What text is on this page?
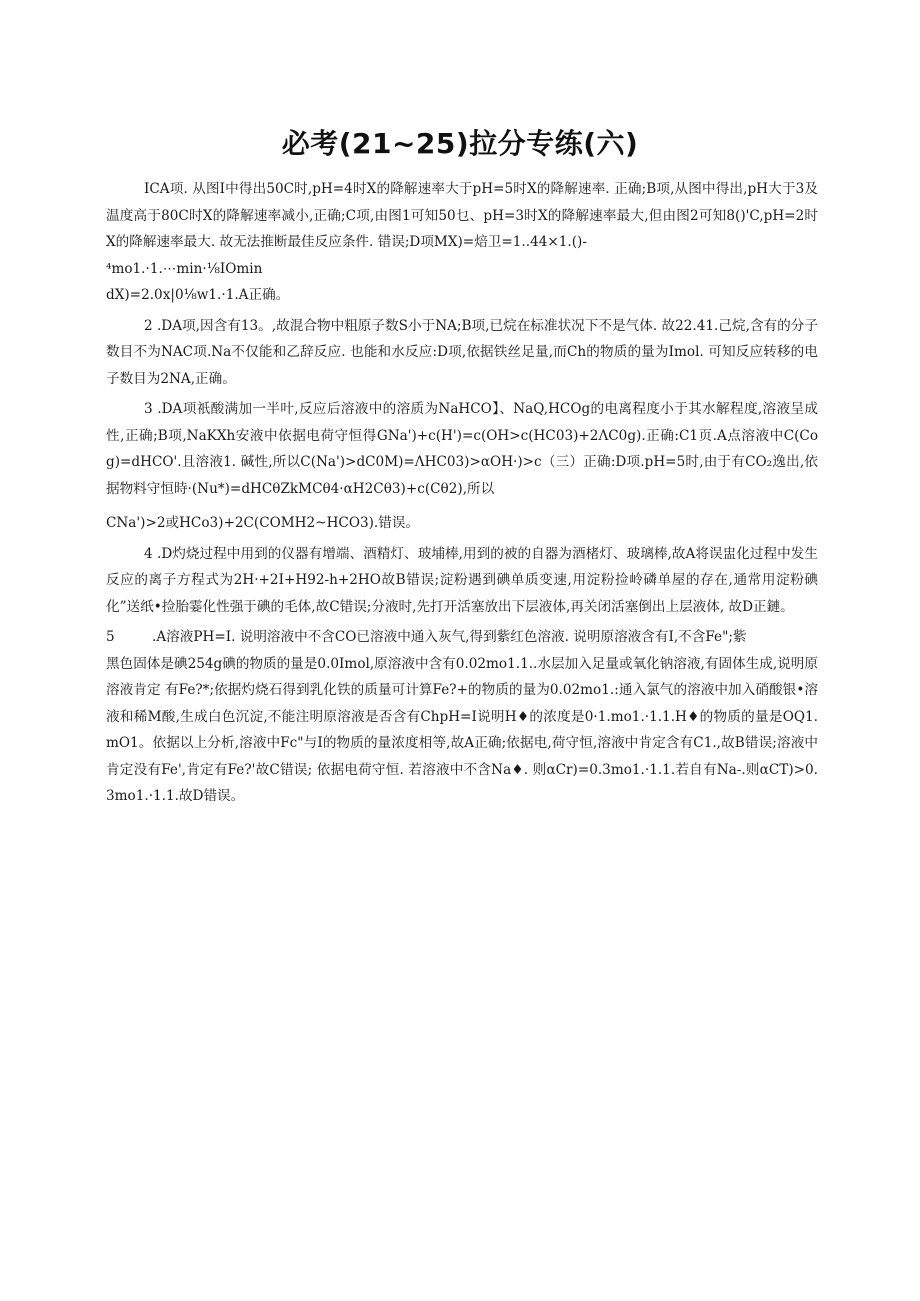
必考(21~25)拉分专练(六)

ICA项. 从图I中得出50C时,pH=4时X的降解速率大于pH=5时X的降解速率. 正确;B项,从图中得出,pH大于3及温度高于80C时X的降解速率减小,正确;C项,由图1可知50乜、pH=3时X的降解速率最大,但由图2可知8()'C,pH=2时X的降解速率最大. 故无法推断最佳反应条件. 错误;D项MX)=焙卫=1..44×1.()-

⁴mo1.·1.⋯min·⅛IOmin
dX)=2.0x|0⅛w1.·1.A正确。

2 .DA项,因含有13。,故混合物中粗原子数S小于NA;B项,已烷在标准状况下不是气体. 故22.41.己烷,含有的分子数目不为NAC项.Na不仅能和乙辞反应. 也能和水反应:D项,依据铁丝足量,而Ch的物质的量为Imol. 可知反应转移的电子数目为2NA,正确。

3 .DA项祇酸满加一半叶,反应后溶液中的溶质为NaHCO】、NaQ,HCOg的电离程度小于其水解程度,溶液呈成性,正确;B项,NaKXh安液中依据电荷守恒得GNa')+c(H')=c(OH>c(HC03)+2ΛC0g).正确:C1页.A点溶液中C(Cog)=dHCO'.且溶液1. 碱性,所以C(Na')>dC0M)=ΛHC03)>αOH·)>c（三）正确:D项.pH=5时,由于有CO₂逸出,依据物料守恒時·(Nu*)=dHCθZkMCθ4·αH2Cθ3)+c(Cθ2),所以

CNa')>2或HCo3)+2C(COMH2~HCO3).错误。

4 .D灼烧过程中用到的仪器有增端、酒精灯、玻埔棒,用到的被的自器为酒楮灯、玻璃棒,故A将误盅化过程中发生反应的离子方程式为2H·+2I+H92-h+2HO故B错误;淀粉遇到碘单质变速,用淀粉捡岭磷单屋的存在,通常用淀粉碘化”送纸•捡胎霎化性强于碘的毛体,故C错误;分液时,先打开活塞放出下层液体,再关闭活塞倒出上层液体, 故D正鏈。

5	.A溶液PH=I. 说明溶液中不含CO已溶液中通入灰气,得到紫红色溶液. 说明原溶液含有I,不含Fe";紫

黑色固体是碘254g碘的物质的量是0.0Imol,原溶液中含有0.02mo1.1..水层加入足量或氧化钠溶液,有固体生成,说明原溶液肯定 有Fe?*;依据灼烧石得到乳化铁的质量可计算Fe?+的物质的量为0.02mo1.:通入氯气的溶液中加入硝酸银•溶液和稀M酸,生成白色沉淀,不能注明原溶液是否含有ChpH=I说明H♦的浓度是0·1.mo1.·1.1.H♦的物质的量是OQ1.mO1。依据以上分析,溶液中Fc"与I的物质的量浓度相等,故A正确;依据电,荷守恒,溶液中肯定含有C1.,故B错误;溶液中肯定没有Fe',肯定有Fe?'故C错误; 依据电荷守恒. 若溶液中不含Na♦. 则αCr)=0.3mo1.·1.1.若自有Na-.则αCT)>0.3mo1.·1.1.故D错误。
